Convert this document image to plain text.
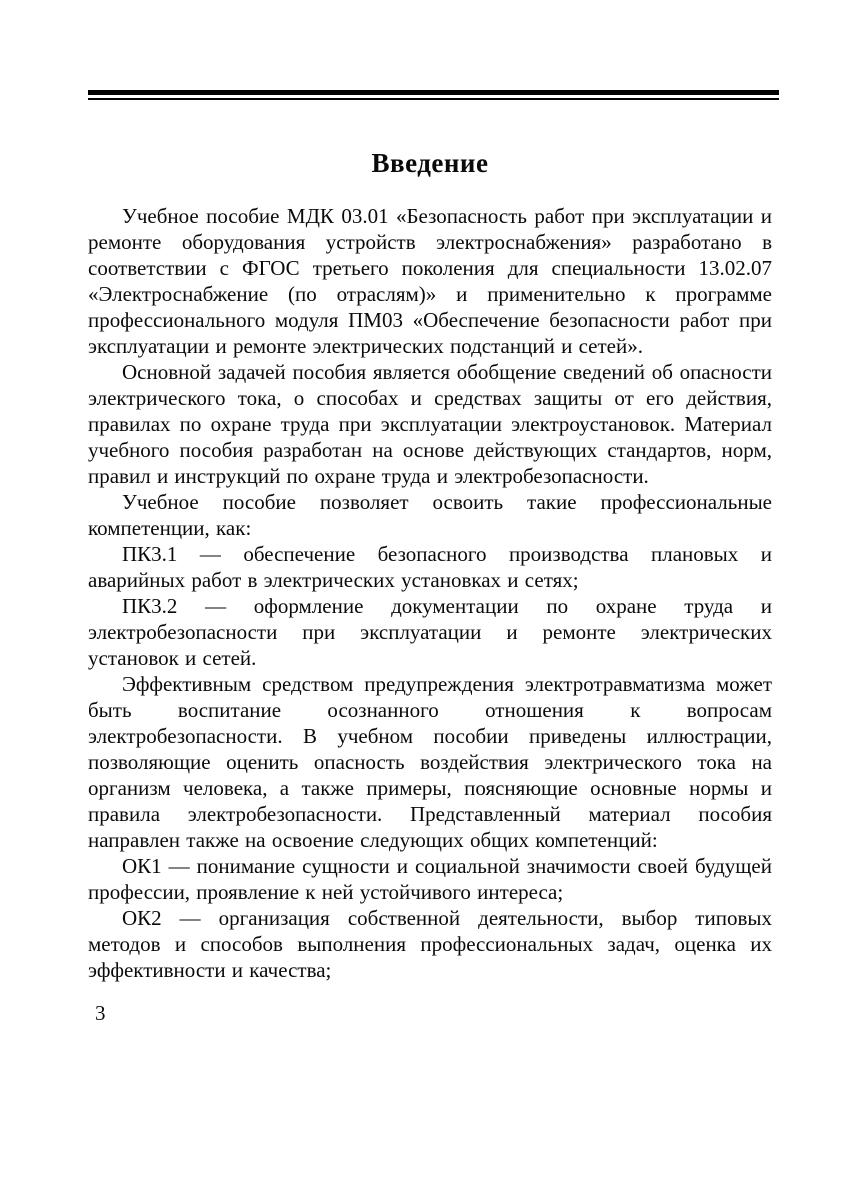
Введение

Учебное пособие МДК 03.01 «Безопасность работ при эксплуатации и ремонте оборудования устройств электроснабжения» разработано в соответствии с ФГОС третьего поколения для специальности 13.02.07 «Электроснабжение (по отраслям)» и применительно к программе профессионального модуля ПМ03 «Обеспечение безопасности работ при эксплуатации и ремонте электрических подстанций и сетей».

Основной задачей пособия является обобщение сведений об опасности электрического тока, о способах и средствах защиты от его действия, правилах по охране труда при эксплуатации электроустановок. Материал учебного пособия разработан на основе действующих стандартов, норм, правил и инструкций по охране труда и электробезопасности.

Учебное пособие позволяет освоить такие профессиональные компетенции, как:

ПК3.1 — обеспечение безопасного производства плановых и аварийных работ в электрических установках и сетях;

ПК3.2 — оформление документации по охране труда и электробезопасности при эксплуатации и ремонте электрических установок и сетей.

Эффективным средством предупреждения электротравматизма может быть воспитание осознанного отношения к вопросам электробезопасности. В учебном пособии приведены иллюстрации, позволяющие оценить опасность воздействия электрического тока на организм человека, а также примеры, поясняющие основные нормы и правила электробезопасности. Представленный материал пособия направлен также на освоение следующих общих компетенций:

ОК1 — понимание сущности и социальной значимости своей будущей профессии, проявление к ней устойчивого интереса;

ОК2 — организация собственной деятельности, выбор типовых методов и способов выполнения профессиональных задач, оценка их эффективности и качества;

3
